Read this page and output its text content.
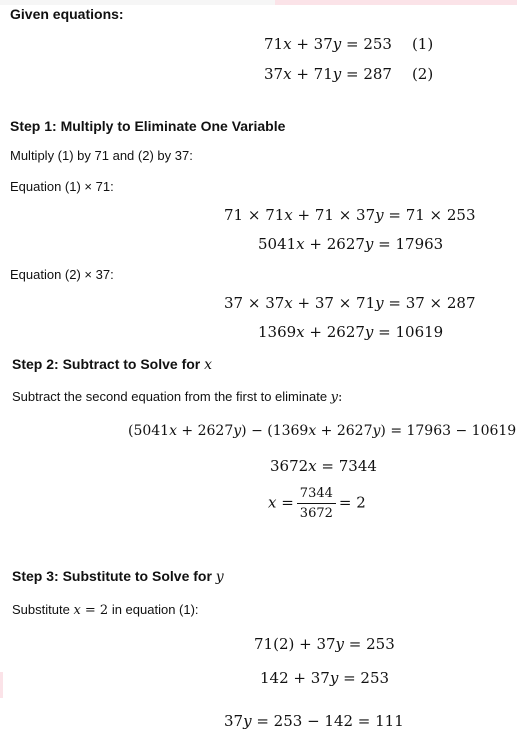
Given equations:
71𝑥 + 37𝑦 = 253 (1)
37𝑥 + 71𝑦 = 287 (2)
Step 1: Multiply to Eliminate One Variable
Multiply (1) by 71 and (2) by 37:
Equation (1) × 71:
71 × 71𝑥 + 71 × 37𝑦 = 71 × 253
5041𝑥 + 2627𝑦 = 17963
Equation (2) × 37:
37 × 37𝑥 + 37 × 71𝑦 = 37 × 287
1369𝑥 + 2627𝑦 = 10619
Step 2: Subtract to Solve for 𝑥
Subtract the second equation from the first to eliminate 𝑦:
(5041𝑥 + 2627𝑦) − (1369𝑥 + 2627𝑦) = 17963 − 10619
3672𝑥 = 7344
𝑥 = $\frac{7344}{3672} = 2$
Step 3: Substitute to Solve for 𝑦
Substitute 𝑥 = 2 in equation (1):
71(2) + 37𝑦 = 253
142 + 37𝑦 = 253
37𝑦 = 253 − 142 = 111
